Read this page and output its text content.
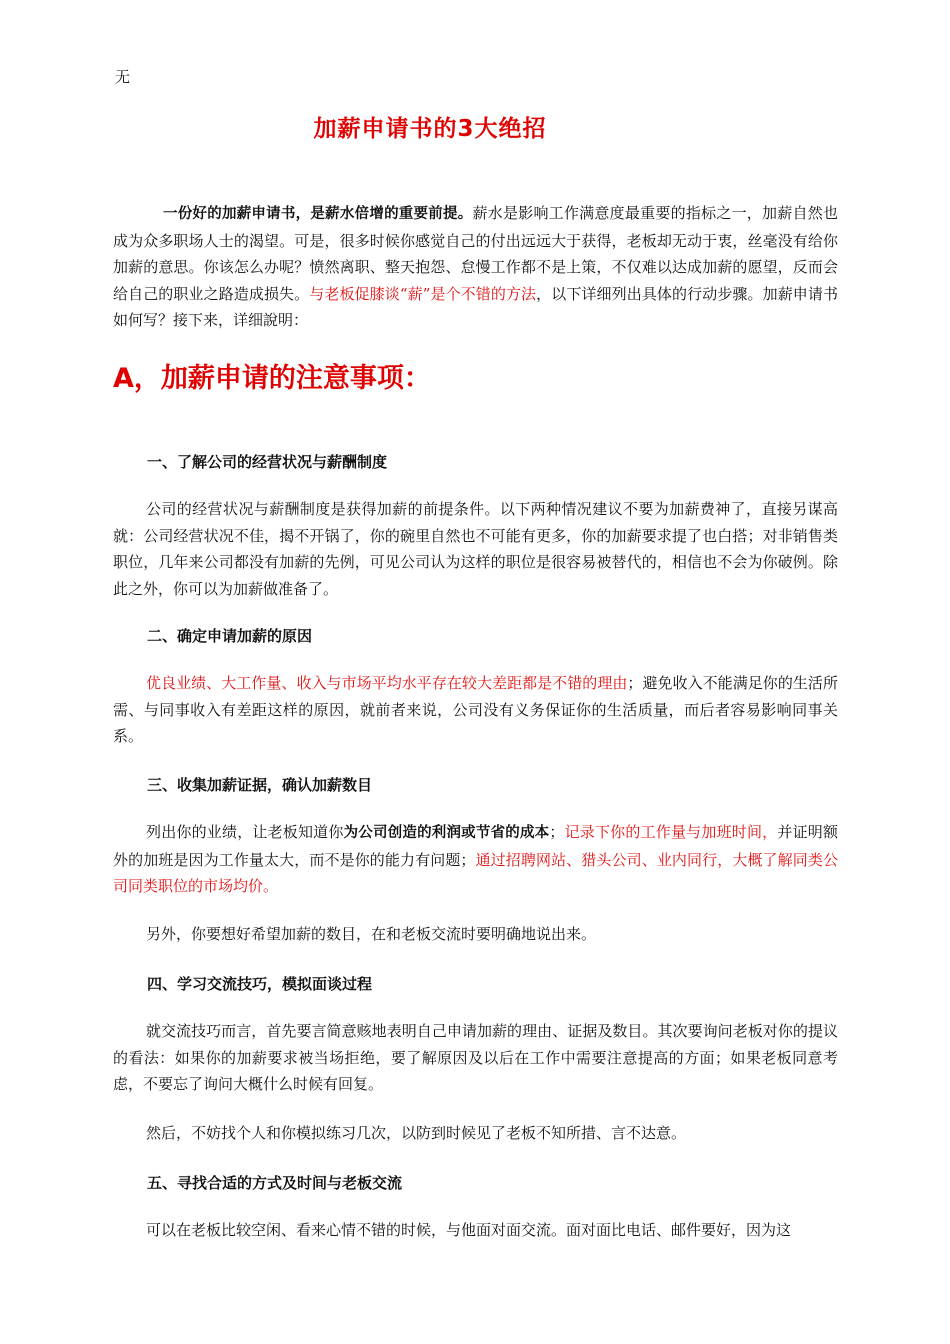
无
加薪申请书的3大绝招
一份好的加薪申请书，是薪水倍增的重要前提。薪水是影响工作满意度最重要的指标之一，加薪自然也成为众多职场人士的渴望。可是，很多时候你感觉自己的付出远远大于获得，老板却无动于衷，丝毫没有给你加薪的意思。你该怎么办呢？愤然离职、整天抱怨、怠慢工作都不是上策，不仅难以达成加薪的愿望，反而会给自己的职业之路造成损失。与老板促膝谈“薪”是个不错的方法，以下详细列出具体的行动步骤。加薪申请书如何写？接下来，详细說明：
A，加薪申请的注意事项：
一、了解公司的经营状况与薪酬制度
公司的经营状况与薪酬制度是获得加薪的前提条件。以下两种情况建议不要为加薪费神了，直接另谋高就：公司经营状况不佳，揭不开锅了，你的碗里自然也不可能有更多，你的加薪要求提了也白搭；对非销售类职位，几年来公司都没有加薪的先例，可见公司认为这样的职位是很容易被替代的，相信也不会为你破例。除此之外，你可以为加薪做准备了。
二、确定申请加薪的原因
优良业绩、大工作量、收入与市场平均水平存在较大差距都是不错的理由；避免收入不能满足你的生活所需、与同事收入有差距这样的原因，就前者来说，公司没有义务保证你的生活质量，而后者容易影响同事关系。
三、收集加薪证据，确认加薪数目
列出你的业绩，让老板知道你为公司创造的利润或节省的成本；记录下你的工作量与加班时间，并证明额外的加班是因为工作量太大，而不是你的能力有问题；通过招聘网站、猎头公司、业内同行，大概了解同类公司同类职位的市场均价。
另外，你要想好希望加薪的数目，在和老板交流时要明确地说出来。
四、学习交流技巧，模拟面谈过程
就交流技巧而言，首先要言简意赅地表明自己申请加薪的理由、证据及数目。其次要询问老板对你的提议的看法：如果你的加薪要求被当场拒绝，要了解原因及以后在工作中需要注意提高的方面；如果老板同意考虑，不要忘了询问大概什么时候有回复。
然后，不妨找个人和你模拟练习几次，以防到时候见了老板不知所措、言不达意。
五、寻找合适的方式及时间与老板交流
可以在老板比较空闲、看来心情不错的时候，与他面对面交流。面对面比电话、邮件要好，因为这
